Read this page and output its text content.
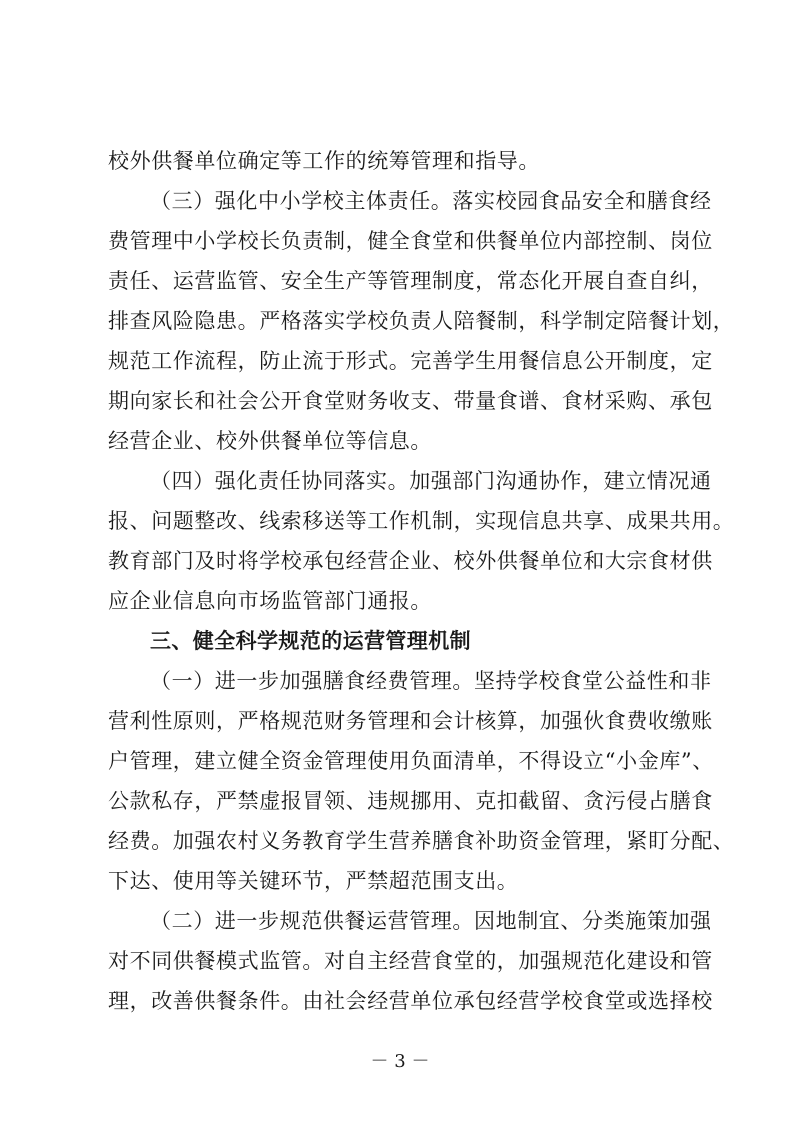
校外供餐单位确定等工作的统筹管理和指导。
（三）强化中小学校主体责任。落实校园食品安全和膳食经
费管理中小学校长负责制，健全食堂和供餐单位内部控制、岗位
责任、运营监管、安全生产等管理制度，常态化开展自查自纠，
排查风险隐患。严格落实学校负责人陪餐制，科学制定陪餐计划，
规范工作流程，防止流于形式。完善学生用餐信息公开制度，定
期向家长和社会公开食堂财务收支、带量食谱、食材采购、承包
经营企业、校外供餐单位等信息。
（四）强化责任协同落实。加强部门沟通协作，建立情况通
报、问题整改、线索移送等工作机制，实现信息共享、成果共用。
教育部门及时将学校承包经营企业、校外供餐单位和大宗食材供
应企业信息向市场监管部门通报。
三、健全科学规范的运营管理机制
（一）进一步加强膳食经费管理。坚持学校食堂公益性和非
营利性原则，严格规范财务管理和会计核算，加强伙食费收缴账
户管理，建立健全资金管理使用负面清单，不得设立“小金库”、
公款私存，严禁虚报冒领、违规挪用、克扣截留、贪污侵占膳食
经费。加强农村义务教育学生营养膳食补助资金管理，紧盯分配、
下达、使用等关键环节，严禁超范围支出。
（二）进一步规范供餐运营管理。因地制宜、分类施策加强
对不同供餐模式监管。对自主经营食堂的，加强规范化建设和管
理，改善供餐条件。由社会经营单位承包经营学校食堂或选择校
－ 3 －
